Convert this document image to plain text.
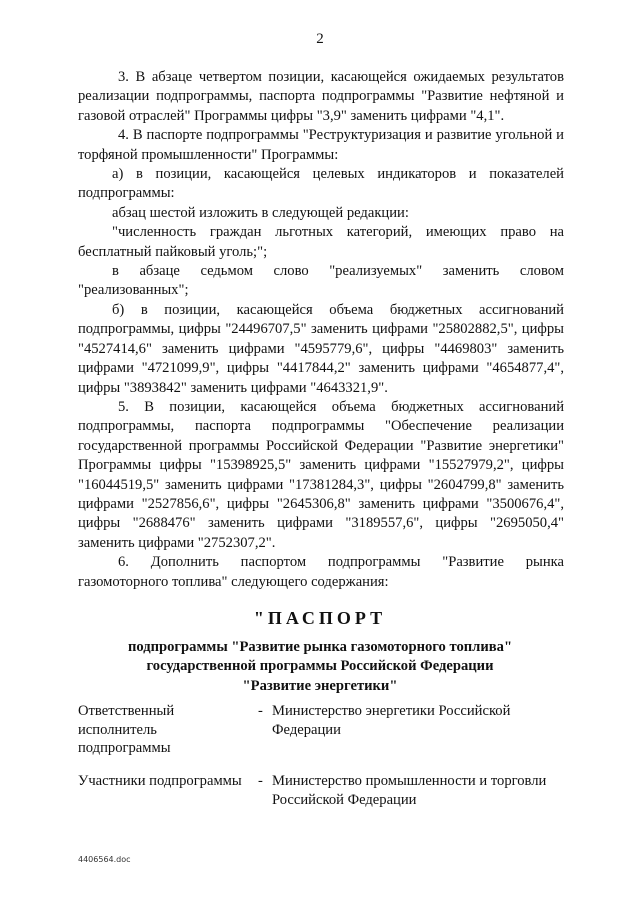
2

3. В абзаце четвертом позиции, касающейся ожидаемых результатов реализации подпрограммы, паспорта подпрограммы "Развитие нефтяной и газовой отраслей" Программы цифры "3,9" заменить цифрами "4,1".

4. В паспорте подпрограммы "Реструктуризация и развитие угольной и торфяной промышленности" Программы:

а) в позиции, касающейся целевых индикаторов и показателей подпрограммы:

абзац шестой изложить в следующей редакции:

"численность граждан льготных категорий, имеющих право на бесплатный пайковый уголь;";

в абзаце седьмом слово "реализуемых" заменить словом "реализованных";

б) в позиции, касающейся объема бюджетных ассигнований подпрограммы, цифры "24496707,5" заменить цифрами "25802882,5", цифры "4527414,6" заменить цифрами "4595779,6", цифры "4469803" заменить цифрами "4721099,9", цифры "4417844,2" заменить цифрами "4654877,4", цифры "3893842" заменить цифрами "4643321,9".

5. В позиции, касающейся объема бюджетных ассигнований подпрограммы, паспорта подпрограммы "Обеспечение реализации государственной программы Российской Федерации "Развитие энергетики" Программы цифры "15398925,5" заменить цифрами "15527979,2", цифры "16044519,5" заменить цифрами "17381284,3", цифры "2604799,8" заменить цифрами "2527856,6", цифры "2645306,8" заменить цифрами "3500676,4", цифры "2688476" заменить цифрами "3189557,6", цифры "2695050,4" заменить цифрами "2752307,2".

6. Дополнить паспортом подпрограммы "Развитие рынка газомоторного топлива" следующего содержания:

"ПАСПОРТ
подпрограммы "Развитие рынка газомоторного топлива"
государственной программы Российской Федерации
"Развитие энергетики"
Ответственный исполнитель подпрограммы
- Министерство энергетики Российской Федерации
Участники подпрограммы	- Министерство промышленности и торговли Российской Федерации
4406564.doc
